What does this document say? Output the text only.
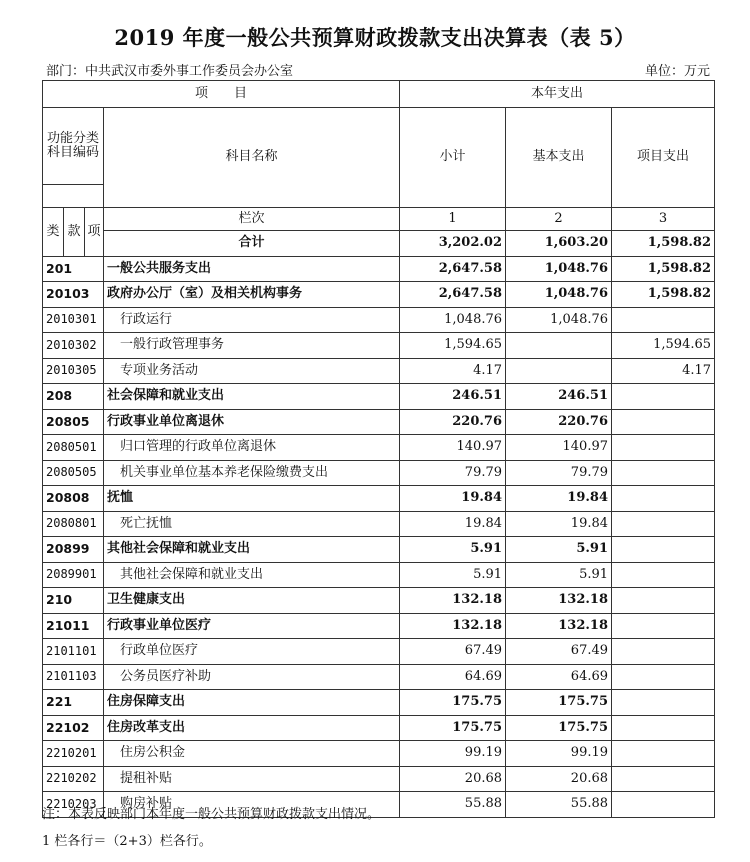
2019 年度一般公共预算财政拨款支出决算表（表 5）
部门：中共武汉市委外事工作委员会办公室	单位：万元
项　　目				本年支出		
功能分类科目编码			科目名称	小计	基本支出	项目支出

类	款	项	栏次	1	2	3
			合计	3,202.02	1,603.20	1,598.82
201			一般公共服务支出	2,647.58	1,048.76	1,598.82
20103			政府办公厅（室）及相关机构事务	2,647.58	1,048.76	1,598.82
2010301			行政运行	1,048.76	1,048.76	
2010302			一般行政管理事务	1,594.65		1,594.65
2010305			专项业务活动	4.17		4.17
208			社会保障和就业支出	246.51	246.51	
20805			行政事业单位离退休	220.76	220.76	
2080501			归口管理的行政单位离退休	140.97	140.97	
2080505			机关事业单位基本养老保险缴费支出	79.79	79.79	
20808			抚恤	19.84	19.84	
2080801			死亡抚恤	19.84	19.84	
20899			其他社会保障和就业支出	5.91	5.91	
2089901			其他社会保障和就业支出	5.91	5.91	
210			卫生健康支出	132.18	132.18	
21011			行政事业单位医疗	132.18	132.18	
2101101			行政单位医疗	67.49	67.49	
2101103			公务员医疗补助	64.69	64.69	
221			住房保障支出	175.75	175.75	
22102			住房改革支出	175.75	175.75	
2210201			住房公积金	99.19	99.19	
2210202			提租补贴	20.68	20.68	
2210203			购房补贴	55.88	55.88	
注：本表反映部门本年度一般公共预算财政拨款支出情况。
1 栏各行＝（2+3）栏各行。
